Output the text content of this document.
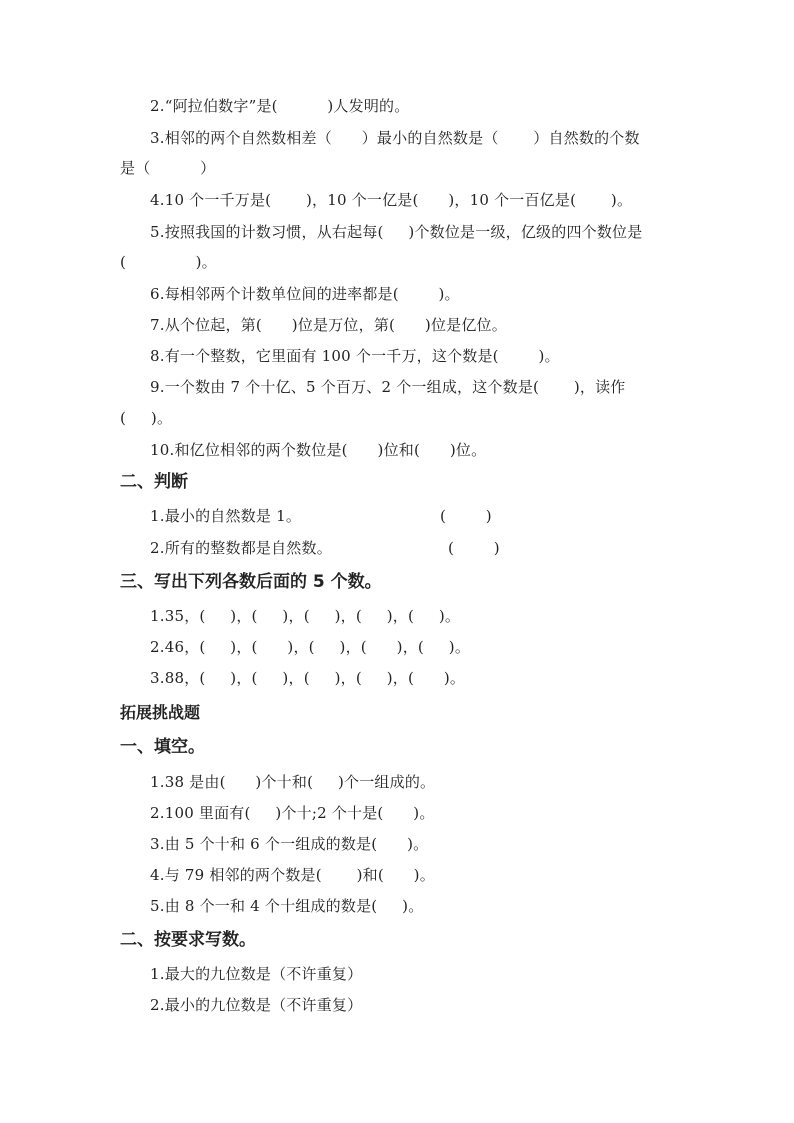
2.“阿拉伯数字”是(          )人发明的。
3.相邻的两个自然数相差（      ）最小的自然数是（       ）自然数的个数
是（          ）
4.10 个一千万是(       )，10 个一亿是(      )，10 个一百亿是(       )。
5.按照我国的计数习惯，从右起每(     )个数位是一级，亿级的四个数位是
(              )。
6.每相邻两个计数单位间的进率都是(        )。
7.从个位起，第(      )位是万位，第(      )位是亿位。
8.有一个整数，它里面有 100 个一千万，这个数是(        )。
9.一个数由 7 个十亿、5 个百万、2 个一组成，这个数是(       )，读作
(     )。
10.和亿位相邻的两个数位是(      )位和(      )位。
二、判断
1.最小的自然数是 1。	(        )
2.所有的整数都是自然数。	(        )
三、写出下列各数后面的 5 个数。
1.35，(     )，(     )，(     )，(     )，(     )。
2.46，(     )，(      )，(     )，(      )，(     )。
3.88，(     )，(     )，(     )，(     )，(      )。
拓展挑战题
一、填空。
1.38 是由(      )个十和(     )个一组成的。
2.100 里面有(     )个十;2 个十是(      )。
3.由 5 个十和 6 个一组成的数是(      )。
4.与 79 相邻的两个数是(       )和(      )。
5.由 8 个一和 4 个十组成的数是(     )。
二、按要求写数。
1.最大的九位数是（不许重复）
2.最小的九位数是（不许重复）
